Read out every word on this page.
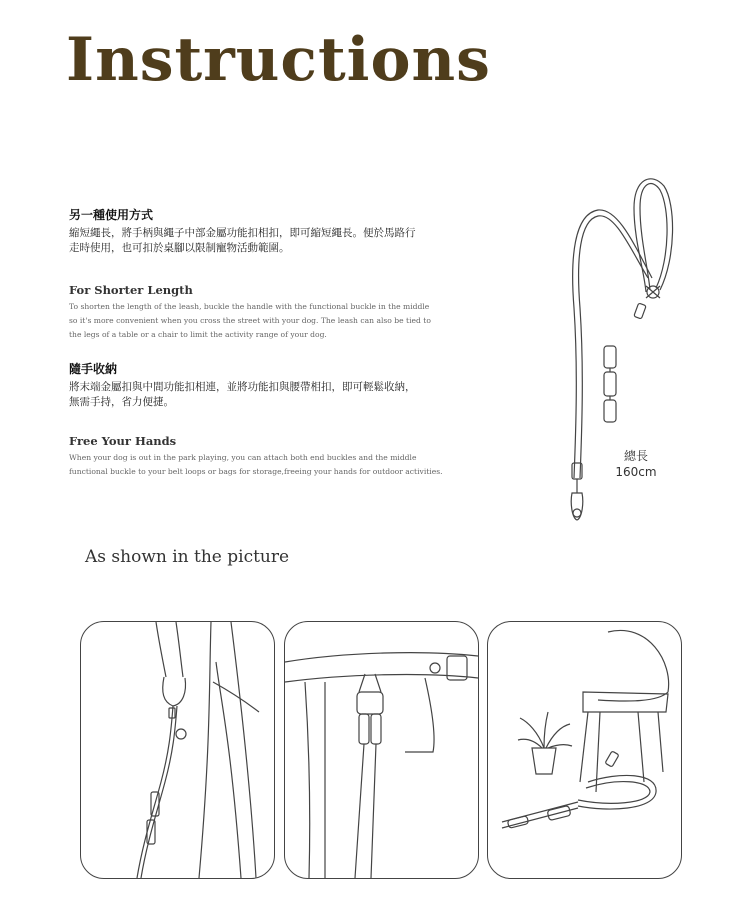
Instructions

另一種使用方式

縮短繩長，將手柄與繩子中部金屬功能扣相扣，即可縮短繩長。便於馬路行
走時使用，也可扣於桌腳以限制寵物活動範圍。

For Shorter Length

To shorten the length of the leash, buckle the handle with the functional buckle in the middle
so it's more convenient when you cross the street with your dog. The leash can also be tied to
the legs of a table or a chair to limit the activity range of your dog.

隨手收納

將末端金屬扣與中間功能扣相連，並將功能扣與腰帶相扣，即可輕鬆收納，
無需手持，省力便捷。

Free Your Hands

When your dog is out in the park playing, you can attach both end buckles and the middle
functional buckle to your belt loops or bags for storage,freeing your hands for outdoor activities.

總長
160cm
As shown in the picture
